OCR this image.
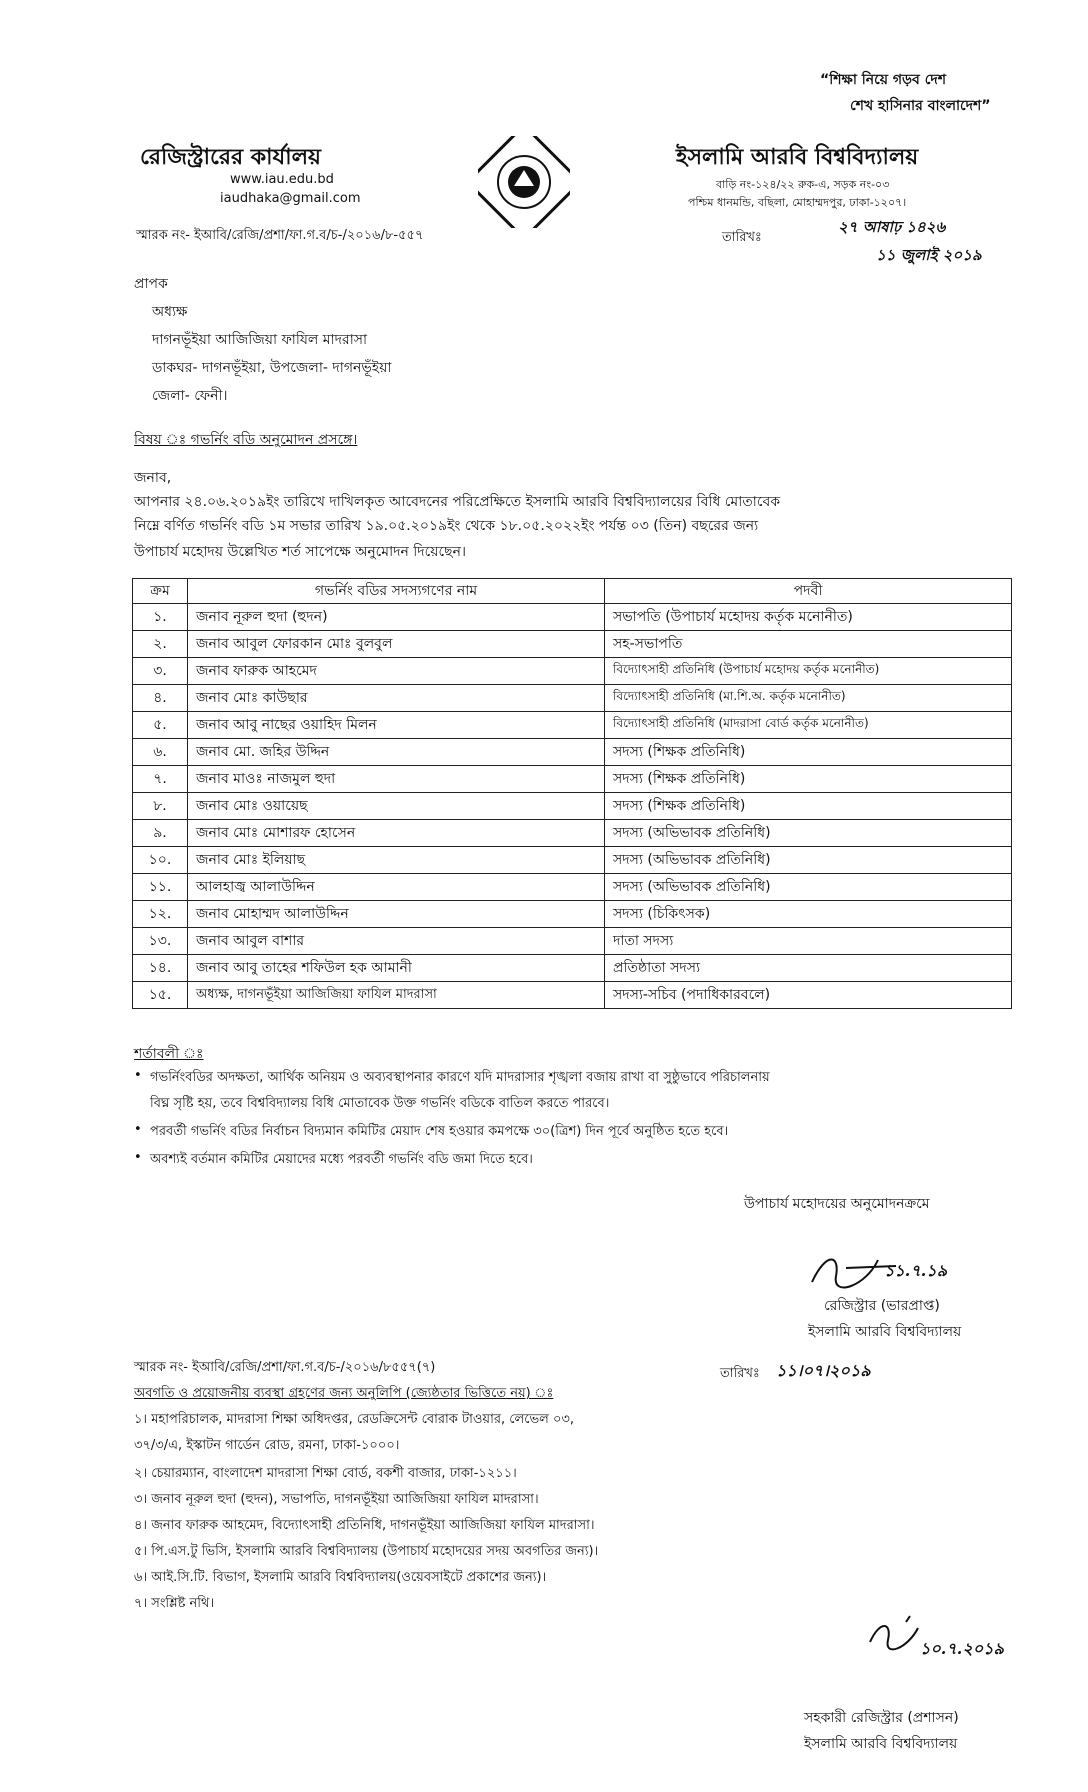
“শিক্ষা নিয়ে গড়ব দেশ
শেখ হাসিনার বাংলাদেশ”
রেজিস্ট্রারের কার্যালয়
www.iau.edu.bd
iaudhaka@gmail.com
ইসলামি আরবি বিশ্ববিদ্যালয়
বাড়ি নং-১২৪/২২ রুক-এ, সড়ক নং-০৩
পশ্চিম ধানমন্ডি, বছিলা, মোহাম্মদপুর, ঢাকা-১২০৭।
স্মারক নং- ইআবি/রেজি/প্রশা/ফা.গ.ব/চ-/২০১৬/৮-৫৫৭	তারিখঃ
২৭ আষাঢ় ১৪২৬
১১ জুলাই ২০১৯
প্রাপক
অধ্যক্ষ
দাগনভূঁইয়া আজিজিয়া ফাযিল মাদরাসা
ডাকঘর- দাগনভূঁইয়া, উপজেলা- দাগনভূঁইয়া
জেলা- ফেনী।
বিষয় ঃ গভর্নিং বডি অনুমোদন প্রসঙ্গে।
জনাব,
আপনার ২৪.০৬.২০১৯ইং তারিখে দাখিলকৃত আবেদনের পরিপ্রেক্ষিতে ইসলামি আরবি বিশ্ববিদ্যালয়ের বিধি মোতাবেক
নিম্নে বর্ণিত গভর্নিং বডি ১ম সভার তারিখ ১৯.০৫.২০১৯ইং থেকে ১৮.০৫.২০২২ইং পর্যন্ত ০৩ (তিন) বছরের জন্য
উপাচার্য মহোদয় উল্লেখিত শর্ত সাপেক্ষে অনুমোদন দিয়েছেন।
ক্রম	গভর্নিং বডির সদস্যগণের নাম	পদবী
১.	জনাব নূরুল হুদা (হুদন)	সভাপতি (উপাচার্য মহোদয় কর্তৃক মনোনীত)
২.	জনাব আবুল ফোরকান মোঃ বুলবুল	সহ-সভাপতি
৩.	জনাব ফারুক আহমেদ	বিদ্যোৎসাহী প্রতিনিধি (উপাচার্য মহোদয় কর্তৃক মনোনীত)
৪.	জনাব মোঃ কাউছার	বিদ্যোৎসাহী প্রতিনিধি (মা.শি.অ. কর্তৃক মনোনীত)
৫.	জনাব আবু নাছের ওয়াহিদ মিলন	বিদ্যোৎসাহী প্রতিনিধি (মাদরাসা বোর্ড কর্তৃক মনোনীত)
৬.	জনাব মো. জহির উদ্দিন	সদস্য (শিক্ষক প্রতিনিধি)
৭.	জনাব মাওঃ নাজমুল হুদা	সদস্য (শিক্ষক প্রতিনিধি)
৮.	জনাব মোঃ ওয়ায়েছ	সদস্য (শিক্ষক প্রতিনিধি)
৯.	জনাব মোঃ মোশারফ হোসেন	সদস্য (অভিভাবক প্রতিনিধি)
১০.	জনাব মোঃ ইলিয়াছ	সদস্য (অভিভাবক প্রতিনিধি)
১১.	আলহাজ্ব আলাউদ্দিন	সদস্য (অভিভাবক প্রতিনিধি)
১২.	জনাব মোহাম্মদ আলাউদ্দিন	সদস্য (চিকিৎসক)
১৩.	জনাব আবুল বাশার	দাতা সদস্য
১৪.	জনাব আবু তাহের শফিউল হক আমানী	প্রতিষ্ঠাতা সদস্য
১৫.	অধ্যক্ষ, দাগনভূঁইয়া আজিজিয়া ফাযিল মাদরাসা	সদস্য-সচিব (পদাধিকারবলে)
শর্তাবলী ঃ
• গভর্নিংবডির অদক্ষতা, আর্থিক অনিয়ম ও অব্যবস্থাপনার কারণে যদি মাদরাসার শৃঙ্খলা বজায় রাখা বা সুষ্ঠুভাবে পরিচালনায়
বিঘ্ন সৃষ্টি হয়, তবে বিশ্ববিদ্যালয় বিধি মোতাবেক উক্ত গভর্নিং বডিকে বাতিল করতে পারবে।
• পরবর্তী গভর্নিং বডির নির্বাচন বিদ্যমান কমিটির মেয়াদ শেষ হওয়ার কমপক্ষে ৩০(ত্রিশ) দিন পূর্বে অনুষ্ঠিত হতে হবে।
• অবশ্যই বর্তমান কমিটির মেয়াদের মধ্যে পরবর্তী গভর্নিং বডি জমা দিতে হবে।
উপাচার্য মহোদয়ের অনুমোদনক্রমে
১১.৭.১৯
রেজিস্ট্রার (ভারপ্রাপ্ত)
ইসলামি আরবি বিশ্ববিদ্যালয়
স্মারক নং- ইআবি/রেজি/প্রশা/ফা.গ.ব/চ-/২০১৬/৮৫৫৭(৭)	তারিখঃ ১১।০৭।২০১৯
অবগতি ও প্রয়োজনীয় ব্যবস্থা গ্রহণের জন্য অনুলিপি (জ্যেষ্ঠতার ভিত্তিতে নয়) ঃ
১। মহাপরিচালক, মাদরাসা শিক্ষা অধিদপ্তর, রেডক্রিসেন্ট বোরাক টাওয়ার, লেভেল ০৩,
৩৭/৩/এ, ইস্কাটন গার্ডেন রোড, রমনা, ঢাকা-১০০০।
২। চেয়ারম্যান, বাংলাদেশ মাদরাসা শিক্ষা বোর্ড, বকশী বাজার, ঢাকা-১২১১।
৩। জনাব নূরুল হুদা (হুদন), সভাপতি, দাগনভূঁইয়া আজিজিয়া ফাযিল মাদরাসা।
৪। জনাব ফারুক আহমেদ, বিদ্যোৎসাহী প্রতিনিধি, দাগনভূঁইয়া আজিজিয়া ফাযিল মাদরাসা।
৫। পি.এস.টু ভিসি, ইসলামি আরবি বিশ্ববিদ্যালয় (উপাচার্য মহোদয়ের সদয় অবগতির জন্য)।
৬। আই.সি.টি. বিভাগ, ইসলামি আরবি বিশ্ববিদ্যালয়(ওয়েবসাইটে প্রকাশের জন্য)।
৭। সংশ্লিষ্ট নথি।
১০.৭.২০১৯
সহকারী রেজিস্ট্রার (প্রশাসন)
ইসলামি আরবি বিশ্ববিদ্যালয়
